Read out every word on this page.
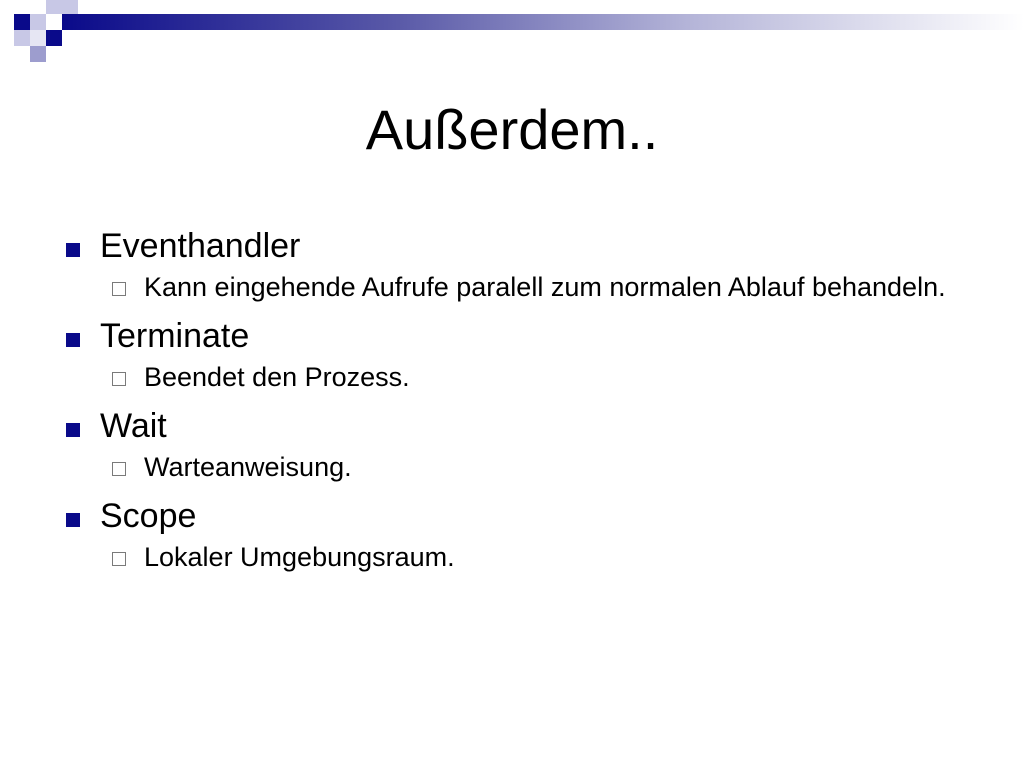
Außerdem..

Eventhandler

Kann eingehende Aufrufe paralell zum normalen Ablauf behandeln.

Terminate

Beendet den Prozess.

Wait

Warteanweisung.

Scope

Lokaler Umgebungsraum.
